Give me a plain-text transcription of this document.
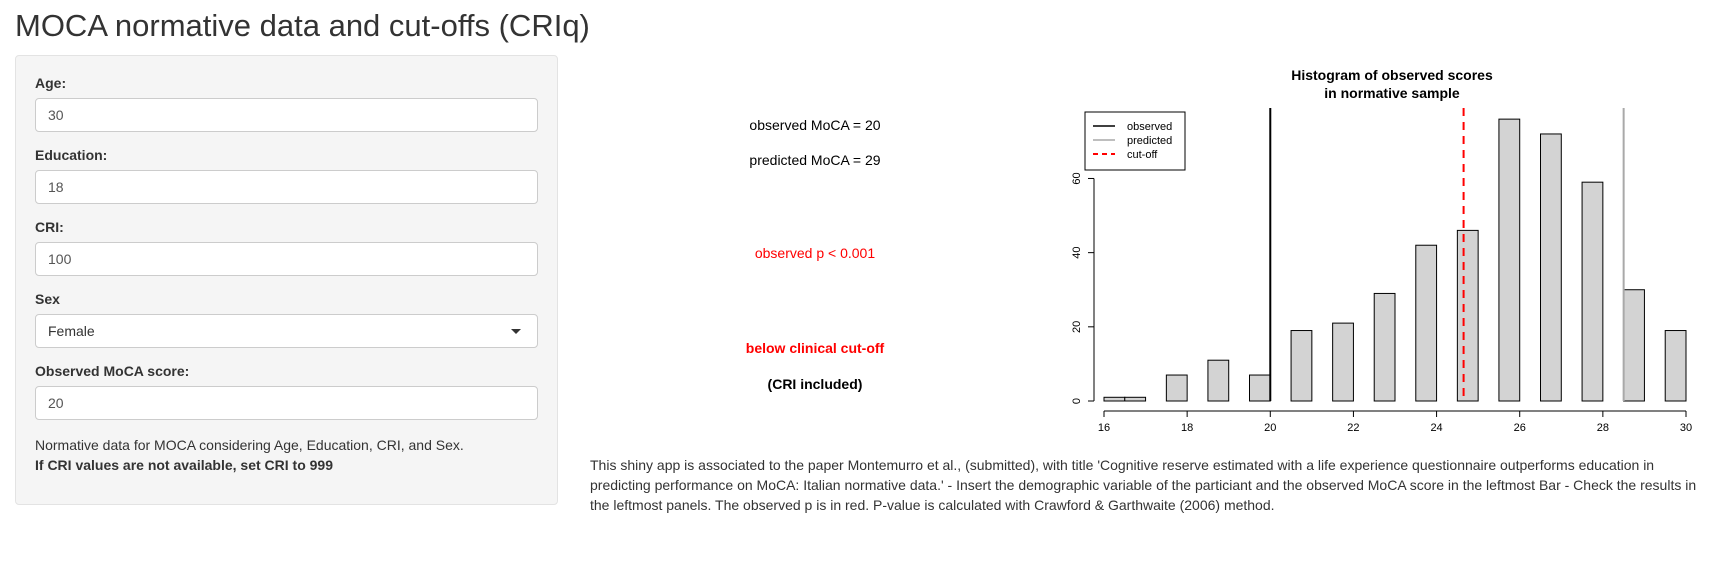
MOCA normative data and cut-offs (CRIq)
Age:
30
Education:
18
CRI:
100
Sex
Female
Observed MoCA score:
20

Normative data for MOCA considering Age, Education, CRI, and Sex.

If CRI values are not available, set CRI to 999

observed MoCA = 20
predicted MoCA = 29
observed p < 0.001
below clinical cut-off
(CRI included)
Histogram of observed scores
in normative sample
16	18	20	22	24	26	28	30
0
20
40
60
observed
predicted
cut-off

This shiny app is associated to the paper Montemurro et al., (submitted), with title 'Cognitive reserve estimated with a life experience questionnaire outperforms education in predicting performance on MoCA: Italian normative data.' - Insert the demographic variable of the particiant and the observed MoCA score in the leftmost Bar - Check the results in the leftmost panels. The observed p is in red. P-value is calculated with Crawford & Garthwaite (2006) method.
